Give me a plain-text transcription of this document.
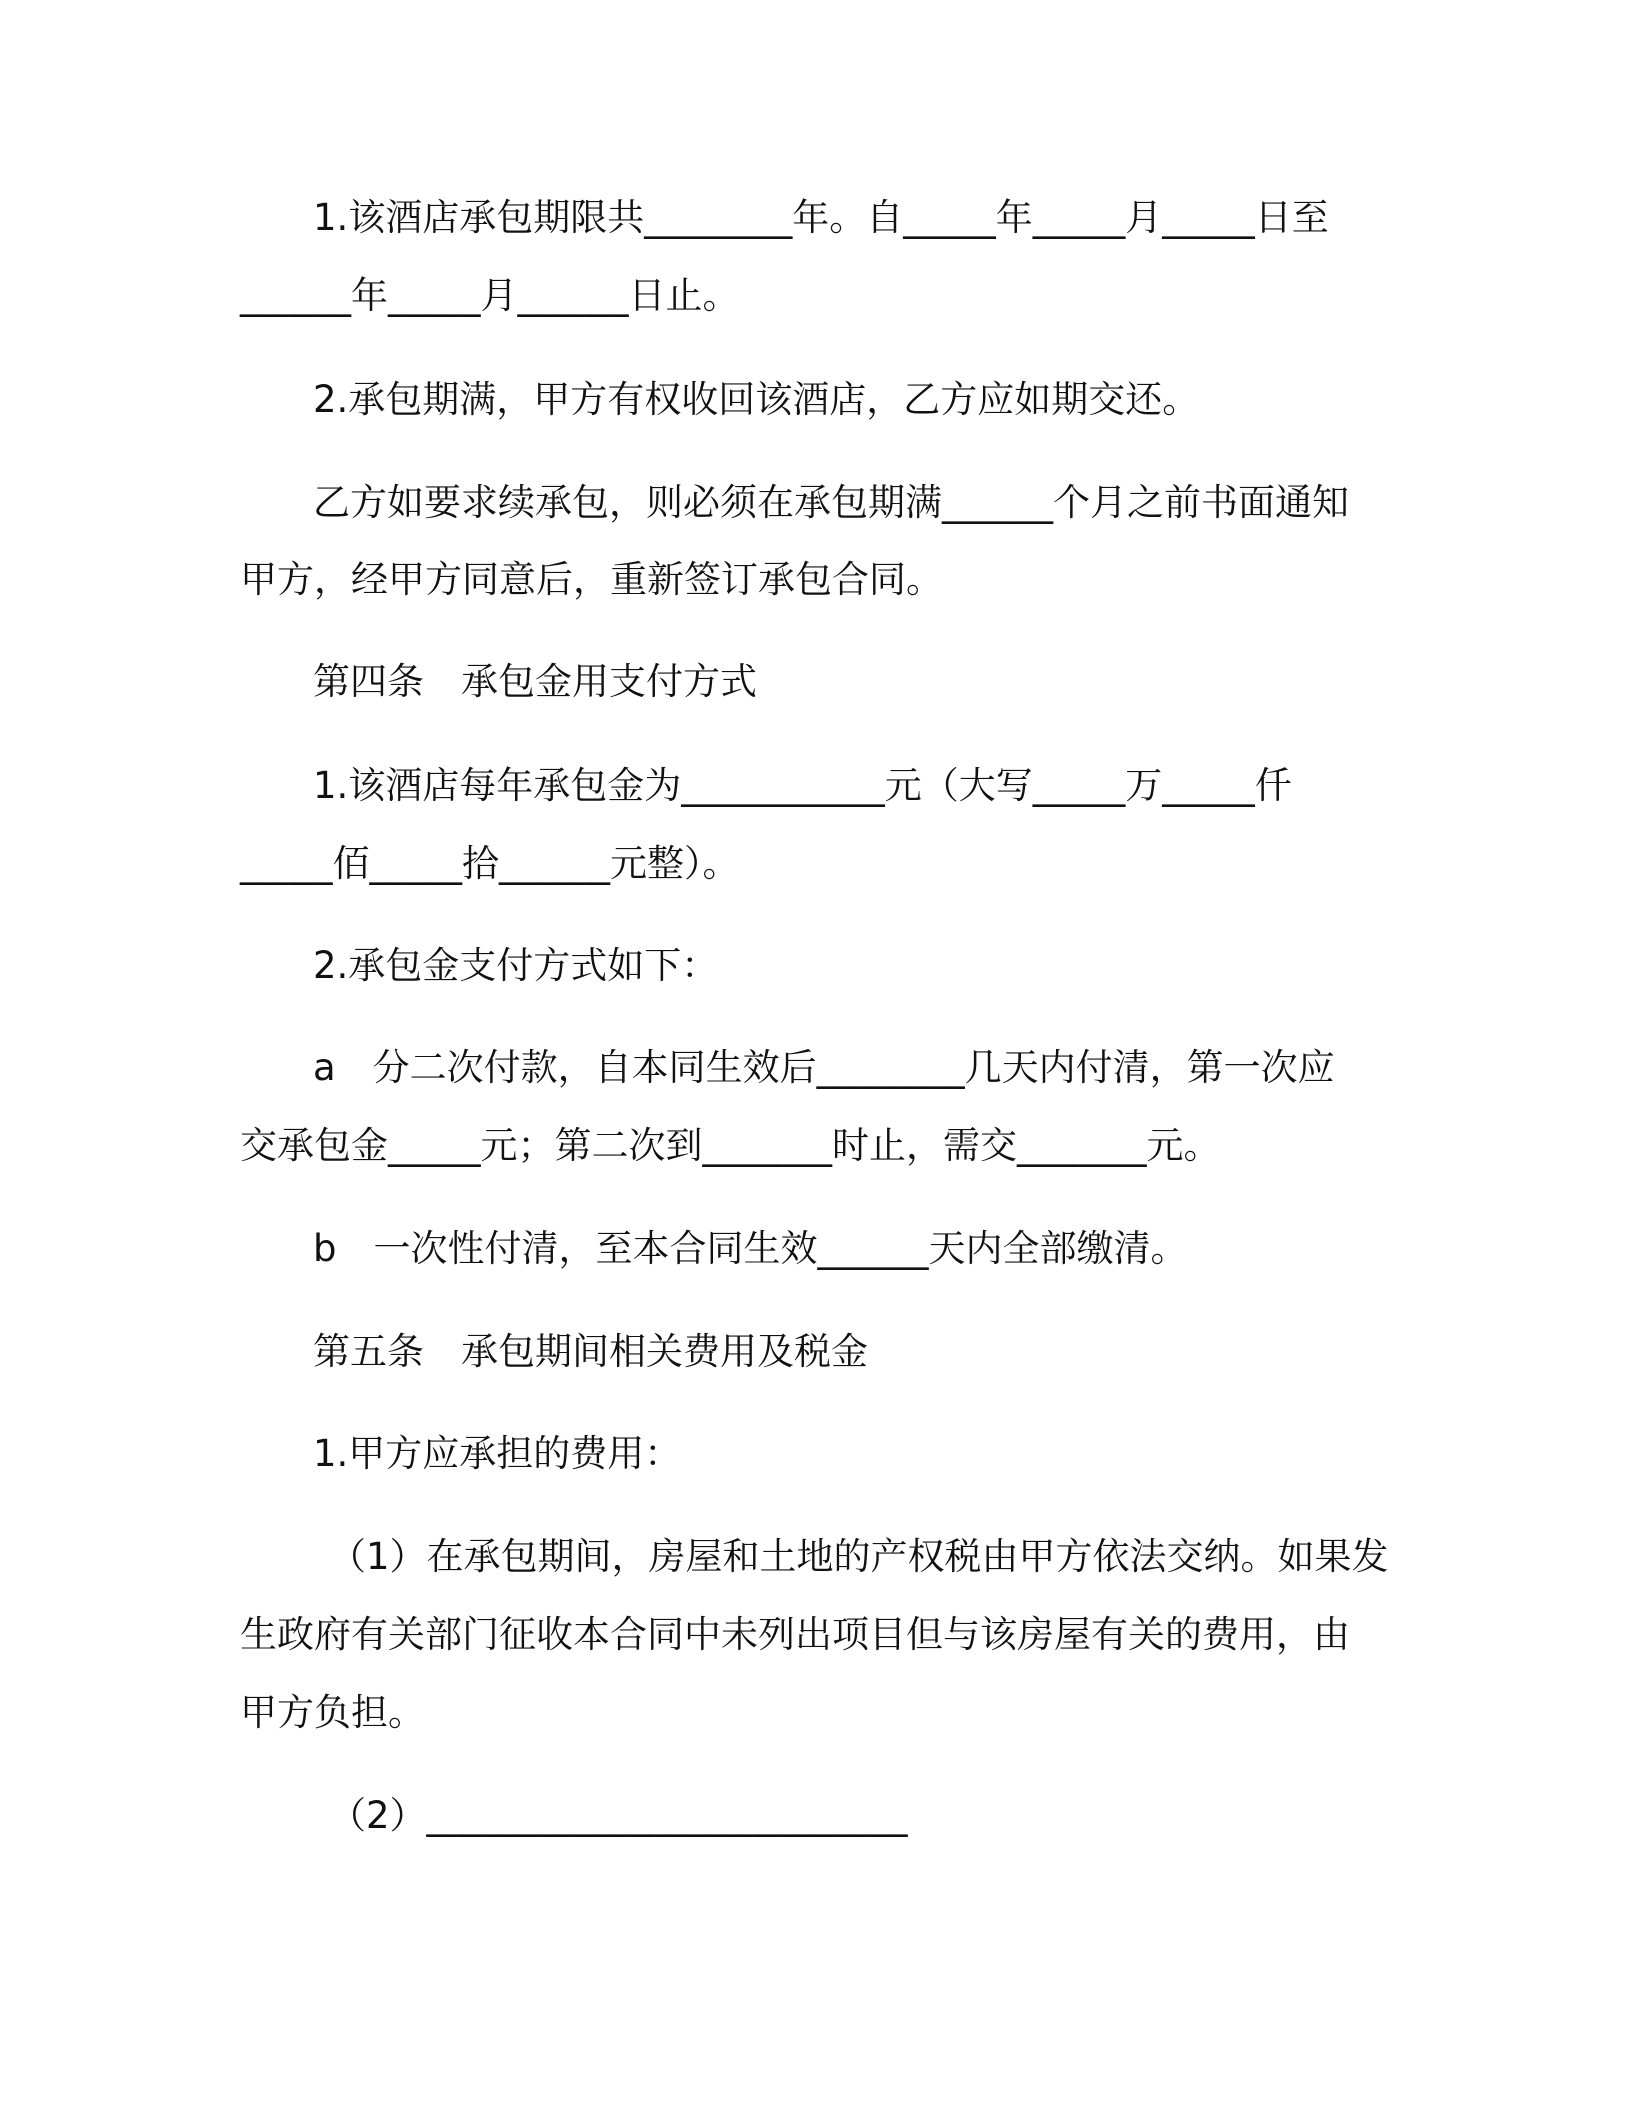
1.该酒店承包期限共________年。自_____年_____月_____日至
______年_____月______日止。
2.承包期满，甲方有权收回该酒店，乙方应如期交还。
乙方如要求续承包，则必须在承包期满______个月之前书面通知
甲方，经甲方同意后，重新签订承包合同。
第四条　承包金用支付方式
1.该酒店每年承包金为___________元（大写_____万_____仟
_____佰_____拾______元整）。
2.承包金支付方式如下：
a　分二次付款，自本同生效后________几天内付清，第一次应
交承包金_____元；第二次到_______时止，需交_______元。
b　一次性付清，至本合同生效______天内全部缴清。
第五条　承包期间相关费用及税金
1.甲方应承担的费用：
（1）在承包期间，房屋和土地的产权税由甲方依法交纳。如果发
生政府有关部门征收本合同中未列出项目但与该房屋有关的费用，由
甲方负担。
（2）__________________________
